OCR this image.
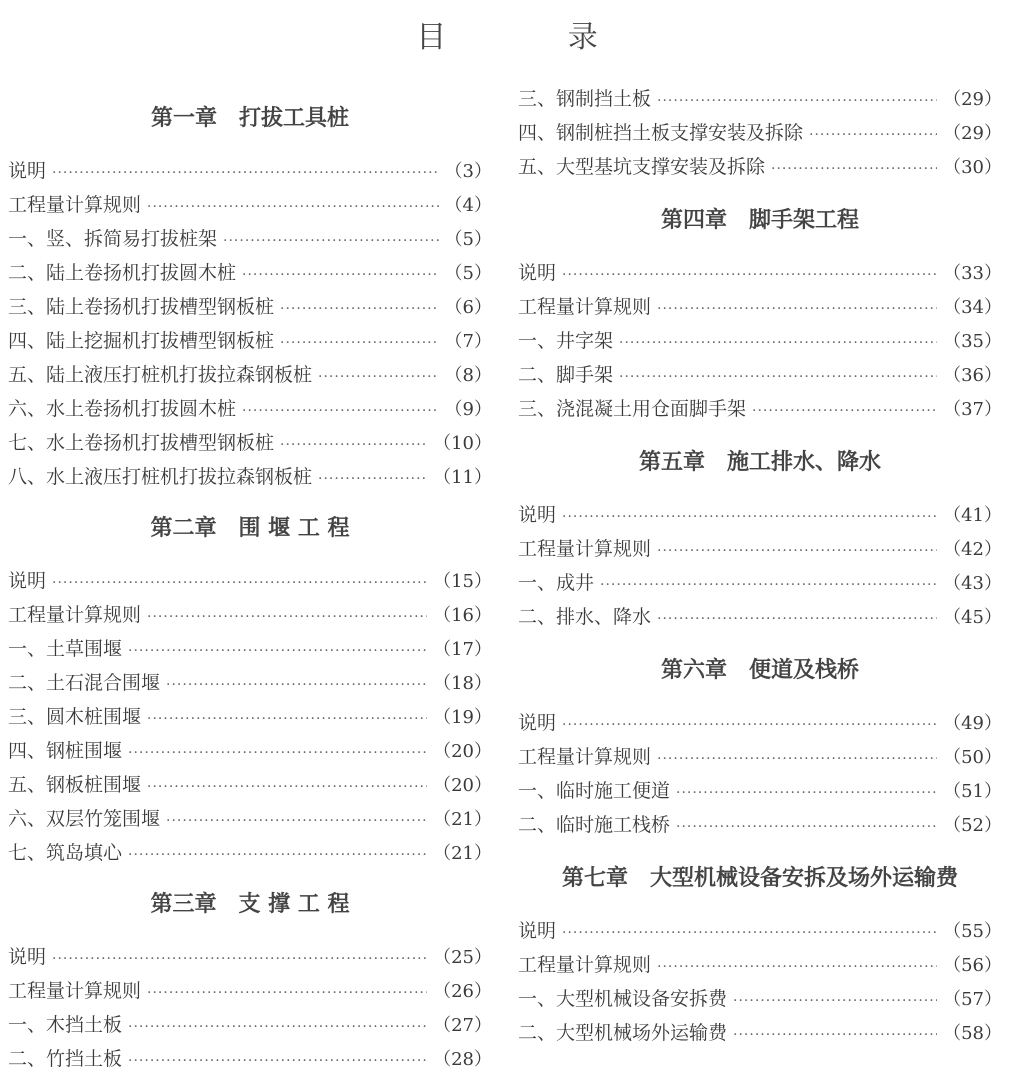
目 录
第一章　打拔工具桩
说明 ·····	（3）
工程量计算规则 ·····	（4）
一、竖、拆简易打拔桩架 ·····	（5）
二、陆上卷扬机打拔圆木桩 ·····	（5）
三、陆上卷扬机打拔槽型钢板桩 ·····	（6）
四、陆上挖掘机打拔槽型钢板桩 ·····	（7）
五、陆上液压打桩机打拔拉森钢板桩 ·····	（8）
六、水上卷扬机打拔圆木桩 ·····	（9）
七、水上卷扬机打拔槽型钢板桩 ·····	（10）
八、水上液压打桩机打拔拉森钢板桩 ·····	（11）
第二章　围 堰 工 程
说明 ·····	（15）
工程量计算规则 ·····	（16）
一、土草围堰 ·····	（17）
二、土石混合围堰 ·····	（18）
三、圆木桩围堰 ·····	（19）
四、钢桩围堰 ·····	（20）
五、钢板桩围堰 ·····	（20）
六、双层竹笼围堰 ·····	（21）
七、筑岛填心 ·····	（21）
第三章　支 撑 工 程
说明 ·····	（25）
工程量计算规则 ·····	（26）
一、木挡土板 ·····	（27）
二、竹挡土板 ·····	（28）
三、钢制挡土板 ·····	（29）
四、钢制桩挡土板支撑安装及拆除 ·····	（29）
五、大型基坑支撑安装及拆除 ·····	（30）
第四章　脚手架工程
说明 ·····	（33）
工程量计算规则 ·····	（34）
一、井字架 ·····	（35）
二、脚手架 ·····	（36）
三、浇混凝土用仓面脚手架 ·····	（37）
第五章　施工排水、降水
说明 ·····	（41）
工程量计算规则 ·····	（42）
一、成井 ·····	（43）
二、排水、降水 ·····	（45）
第六章　便道及栈桥
说明 ·····	（49）
工程量计算规则 ·····	（50）
一、临时施工便道 ·····	（51）
二、临时施工栈桥 ·····	（52）
第七章　大型机械设备安拆及场外运输费
说明 ·····	（55）
工程量计算规则 ·····	（56）
一、大型机械设备安拆费 ·····	（57）
二、大型机械场外运输费 ·····	（58）
